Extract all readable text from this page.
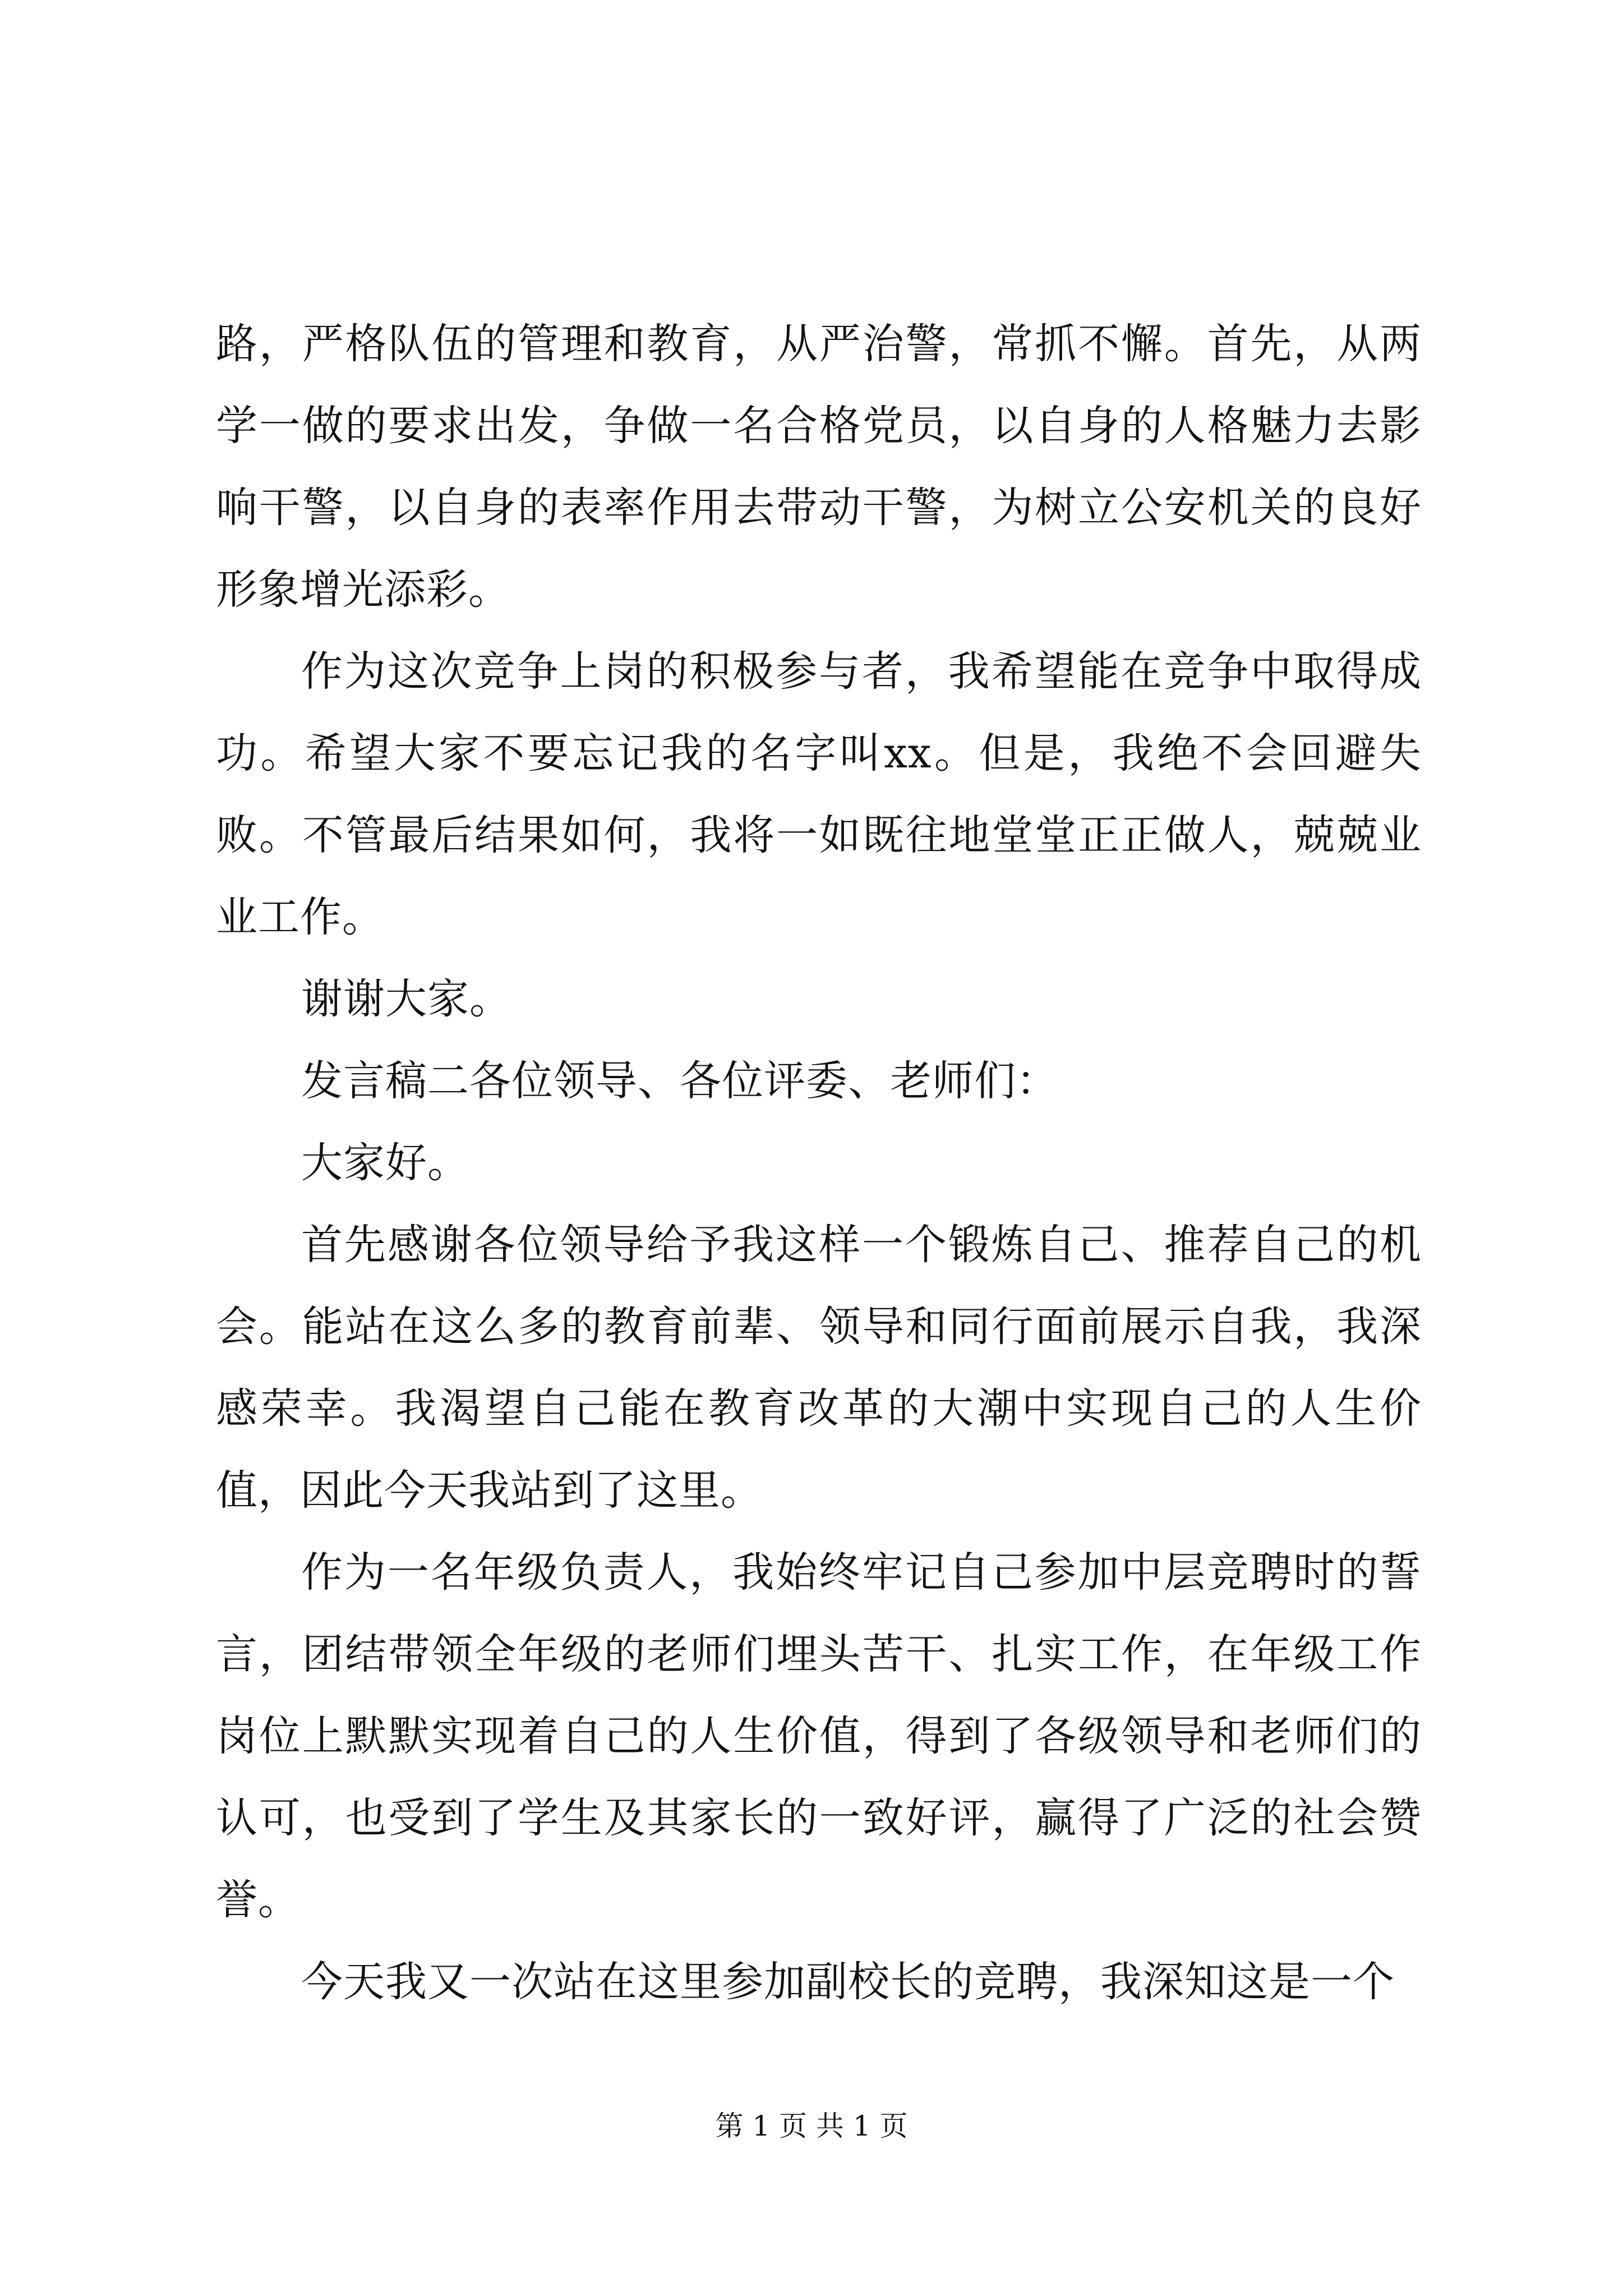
路，严格队伍的管理和教育，从严治警，常抓不懈。首先，从两学一做的要求出发，争做一名合格党员，以自身的人格魅力去影响干警，以自身的表率作用去带动干警，为树立公安机关的良好形象增光添彩。

作为这次竞争上岗的积极参与者，我希望能在竞争中取得成功。希望大家不要忘记我的名字叫xx。但是，我绝不会回避失败。不管最后结果如何，我将一如既往地堂堂正正做人，兢兢业业工作。

谢谢大家。

发言稿二各位领导、各位评委、老师们：

大家好。

首先感谢各位领导给予我这样一个锻炼自己、推荐自己的机会。能站在这么多的教育前辈、领导和同行面前展示自我，我深感荣幸。我渴望自己能在教育改革的大潮中实现自己的人生价值，因此今天我站到了这里。

作为一名年级负责人，我始终牢记自己参加中层竞聘时的誓言，团结带领全年级的老师们埋头苦干、扎实工作，在年级工作岗位上默默实现着自己的人生价值，得到了各级领导和老师们的认可，也受到了学生及其家长的一致好评，赢得了广泛的社会赞誉。

今天我又一次站在这里参加副校长的竞聘，我深知这是一个

第 1 页 共 1 页
